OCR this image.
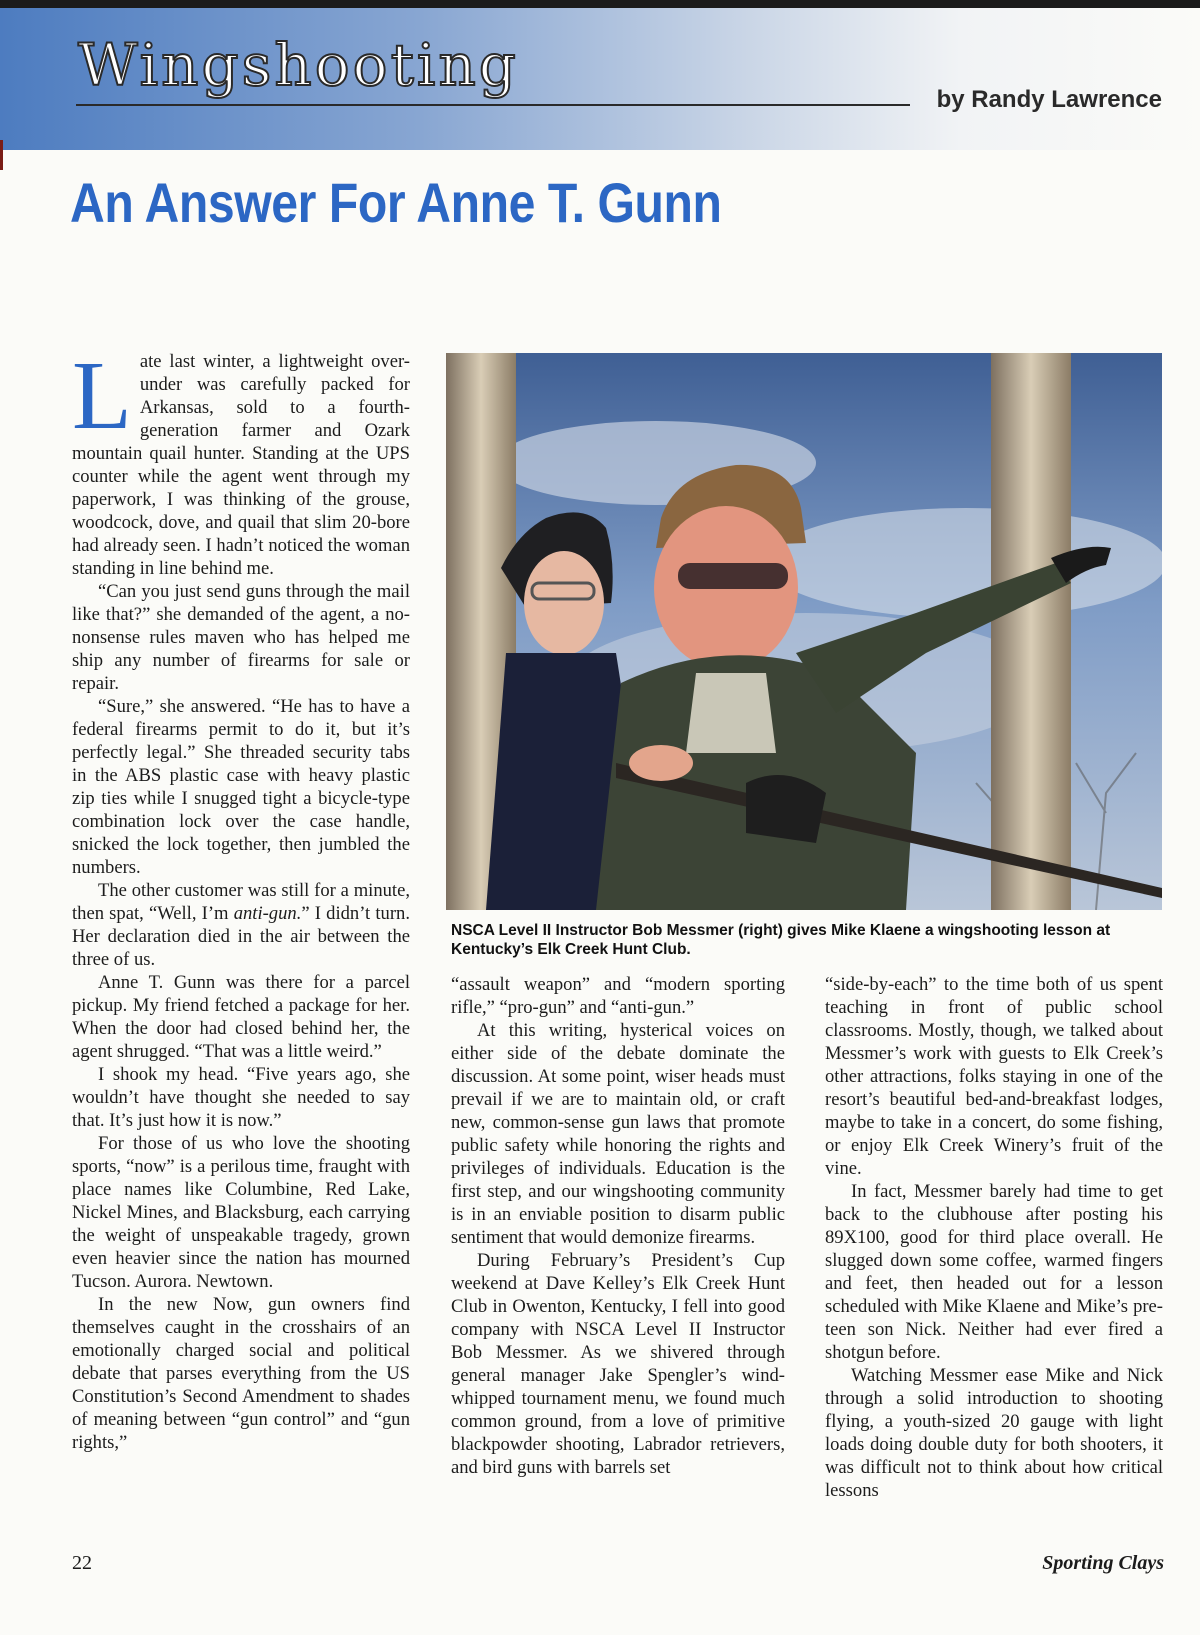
Wingshooting
by Randy Lawrence
An Answer For Anne T. Gunn

Late last winter, a lightweight over-under was carefully packed for Arkansas, sold to a fourth-generation farmer and Ozark mountain quail hunter. Standing at the UPS counter while the agent went through my paperwork, I was thinking of the grouse, woodcock, dove, and quail that slim 20-bore had already seen. I hadn’t noticed the woman standing in line behind me.

“Can you just send guns through the mail like that?” she demanded of the agent, a no-nonsense rules maven who has helped me ship any number of firearms for sale or repair.

“Sure,” she answered. “He has to have a federal firearms permit to do it, but it’s perfectly legal.” She threaded security tabs in the ABS plastic case with heavy plastic zip ties while I snugged tight a bicycle-type combination lock over the case handle, snicked the lock together, then jumbled the numbers.

The other customer was still for a minute, then spat, “Well, I’m anti-gun.” I didn’t turn. Her declaration died in the air between the three of us.

Anne T. Gunn was there for a parcel pickup. My friend fetched a package for her. When the door had closed behind her, the agent shrugged. “That was a little weird.”

I shook my head. “Five years ago, she wouldn’t have thought she needed to say that. It’s just how it is now.”

For those of us who love the shooting sports, “now” is a perilous time, fraught with place names like Columbine, Red Lake, Nickel Mines, and Blacksburg, each carrying the weight of unspeakable tragedy, grown even heavier since the nation has mourned Tucson. Aurora. Newtown.

In the new Now, gun owners find themselves caught in the crosshairs of an emotionally charged social and political debate that parses everything from the US Constitution’s Second Amendment to shades of meaning between “gun control” and “gun rights,”

NSCA Level II Instructor Bob Messmer (right) gives Mike Klaene a wingshooting lesson at Kentucky’s Elk Creek Hunt Club.

“assault weapon” and “modern sporting rifle,” “pro-gun” and “anti-gun.”

At this writing, hysterical voices on either side of the debate dominate the discussion. At some point, wiser heads must prevail if we are to maintain old, or craft new, common-sense gun laws that promote public safety while honoring the rights and privileges of individuals. Education is the first step, and our wingshooting community is in an enviable position to disarm public sentiment that would demonize firearms.

During February’s President’s Cup weekend at Dave Kelley’s Elk Creek Hunt Club in Owenton, Kentucky, I fell into good company with NSCA Level II Instructor Bob Messmer. As we shivered through general manager Jake Spengler’s wind-whipped tournament menu, we found much common ground, from a love of primitive blackpowder shooting, Labrador retrievers, and bird guns with barrels set

“side-by-each” to the time both of us spent teaching in front of public school classrooms. Mostly, though, we talked about Messmer’s work with guests to Elk Creek’s other attractions, folks staying in one of the resort’s beautiful bed-and-breakfast lodges, maybe to take in a concert, do some fishing, or enjoy Elk Creek Winery’s fruit of the vine.

In fact, Messmer barely had time to get back to the clubhouse after posting his 89X100, good for third place overall. He slugged down some coffee, warmed fingers and feet, then headed out for a lesson scheduled with Mike Klaene and Mike’s pre-teen son Nick. Neither had ever fired a shotgun before.

Watching Messmer ease Mike and Nick through a solid introduction to shooting flying, a youth-sized 20 gauge with light loads doing double duty for both shooters, it was difficult not to think about how critical lessons

22	Sporting Clays
